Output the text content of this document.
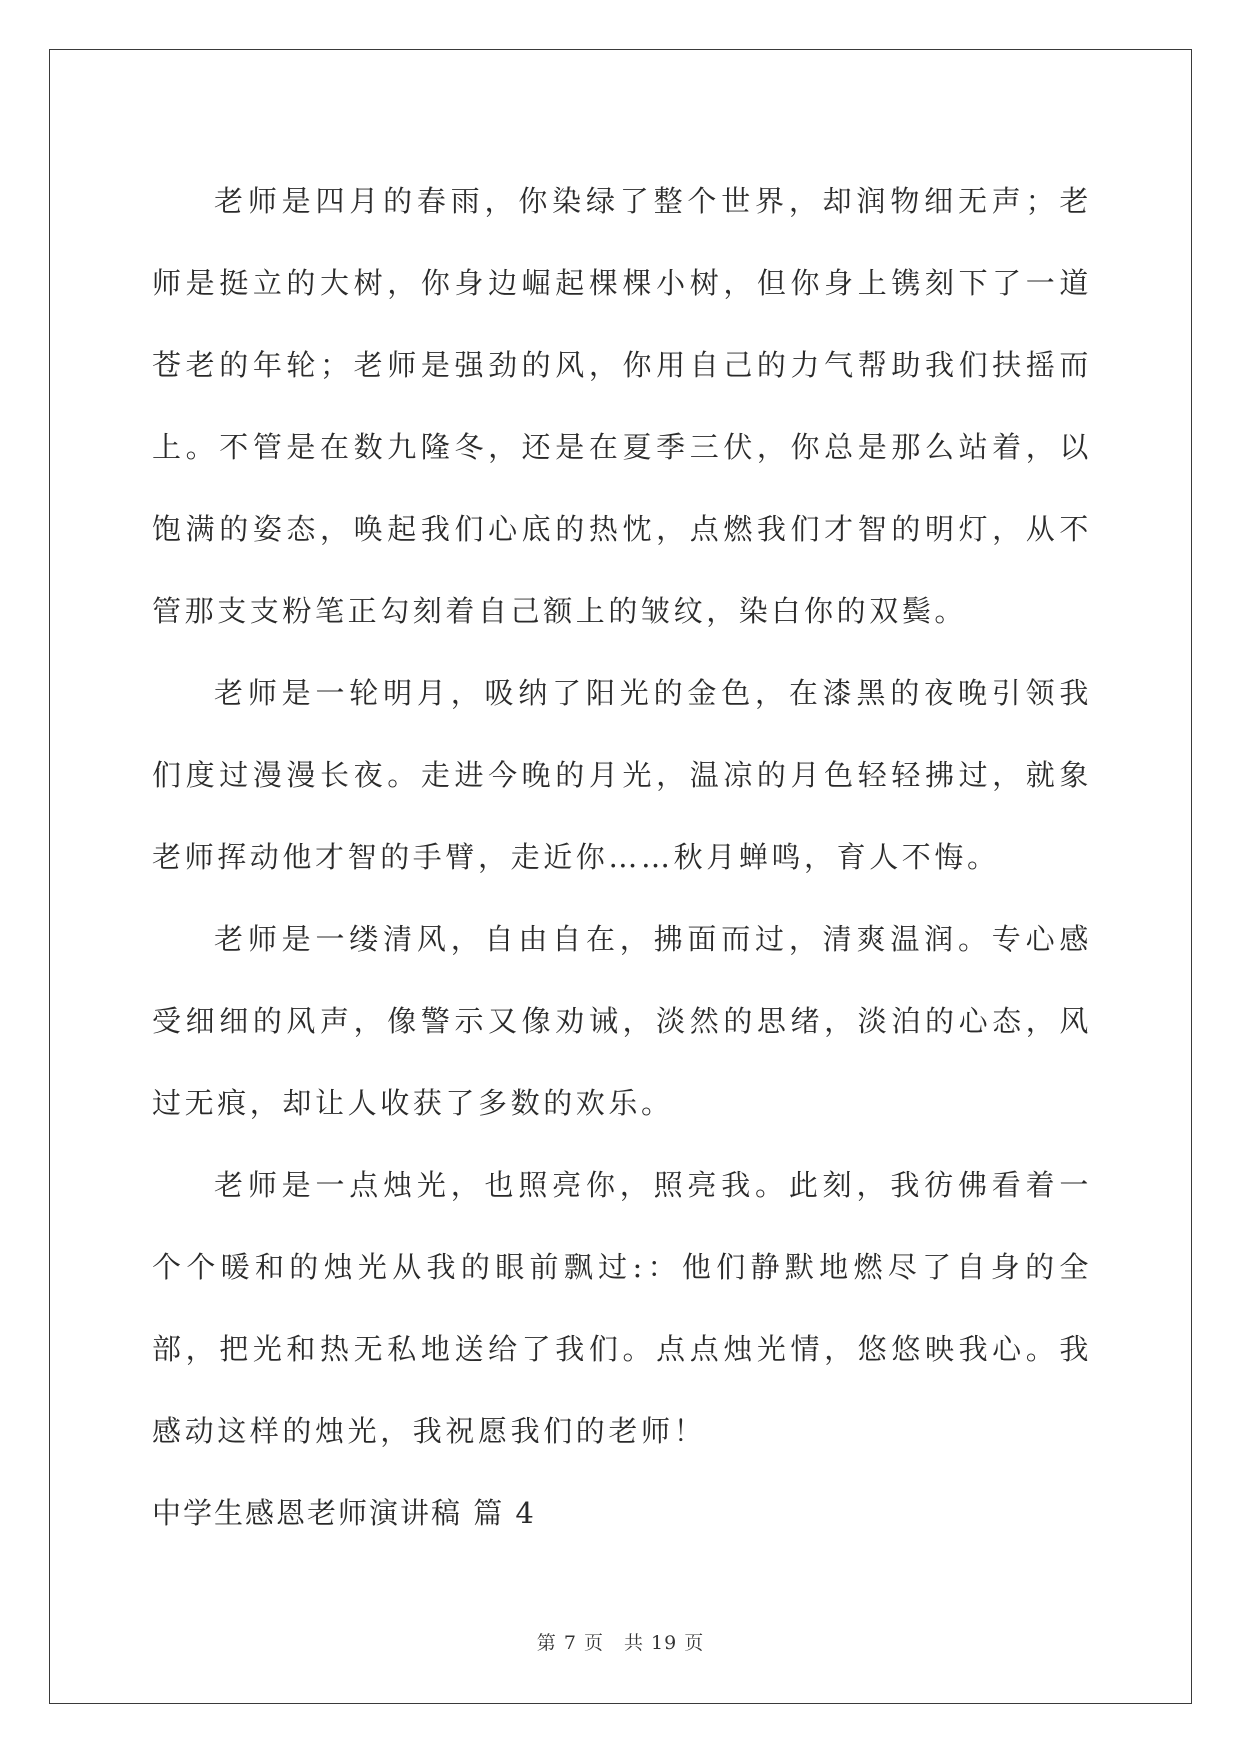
老师是四月的春雨，你染绿了整个世界，却润物细无声；老师是挺立的大树，你身边崛起棵棵小树，但你身上镌刻下了一道苍老的年轮；老师是强劲的风，你用自己的力气帮助我们扶摇而上。不管是在数九隆冬，还是在夏季三伏，你总是那么站着，以饱满的姿态，唤起我们心底的热忱，点燃我们才智的明灯，从不管那支支粉笔正勾刻着自己额上的皱纹，染白你的双鬓。

老师是一轮明月，吸纳了阳光的金色，在漆黑的夜晚引领我们度过漫漫长夜。走进今晚的月光，温凉的月色轻轻拂过，就象老师挥动他才智的手臂，走近你……秋月蝉鸣，育人不悔。

老师是一缕清风，自由自在，拂面而过，清爽温润。专心感受细细的风声，像警示又像劝诫，淡然的思绪，淡泊的心态，风过无痕，却让人收获了多数的欢乐。

老师是一点烛光，也照亮你，照亮我。此刻，我彷佛看着一个个暖和的烛光从我的眼前飘过:：他们静默地燃尽了自身的全部，把光和热无私地送给了我们。点点烛光情，悠悠映我心。我感动这样的烛光，我祝愿我们的老师！

中学生感恩老师演讲稿 篇 4

第 7 页　共 19 页
